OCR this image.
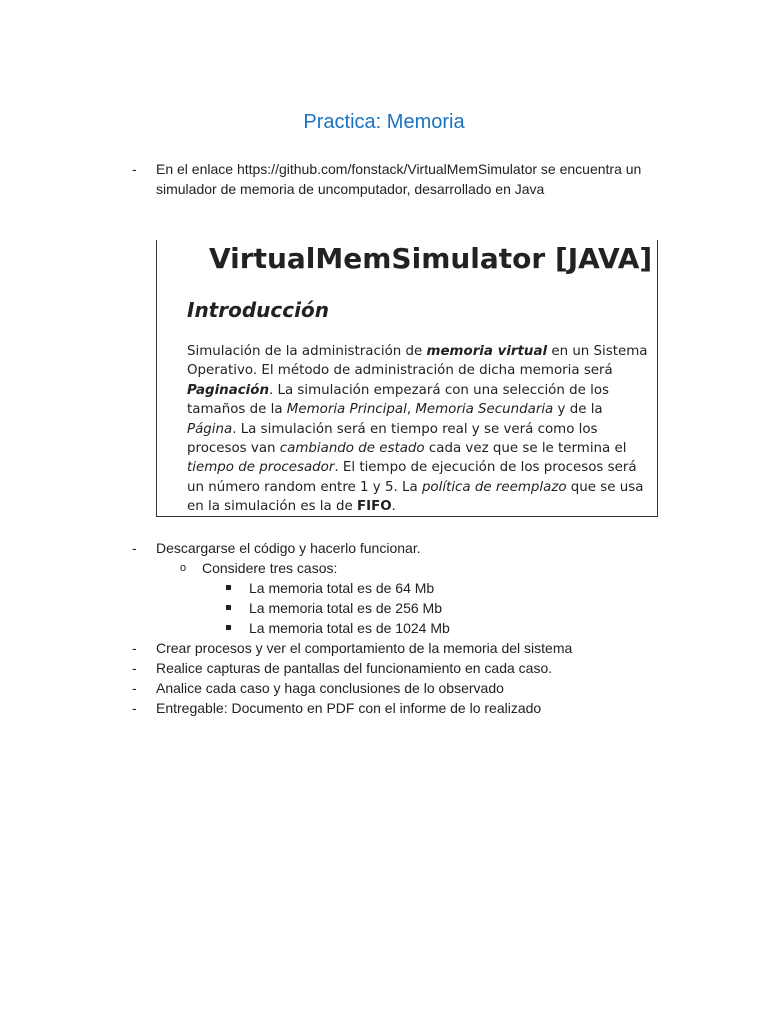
Practica: Memoria
- En el enlace https://github.com/fonstack/VirtualMemSimulator se encuentra un simulador de memoria de uncomputador, desarrollado en Java
VirtualMemSimulator [JAVA]
Introducción

Simulación de la administración de memoria virtual en un Sistema Operativo. El método de administración de dicha memoria será Paginación. La simulación empezará con una selección de los tamaños de la Memoria Principal, Memoria Secundaria y de la Página. La simulación será en tiempo real y se verá como los procesos van cambiando de estado cada vez que se le termina el tiempo de procesador. El tiempo de ejecución de los procesos será un número random entre 1 y 5. La política de reemplazo que se usa en la simulación es la de FIFO.

- Descargarse el código y hacerlo funcionar.
o Considere tres casos:
La memoria total es de 64 Mb
La memoria total es de 256 Mb
La memoria total es de 1024 Mb
- Crear procesos y ver el comportamiento de la memoria del sistema
- Realice capturas de pantallas del funcionamiento en cada caso.
- Analice cada caso y haga conclusiones de lo observado
- Entregable: Documento en PDF con el informe de lo realizado
